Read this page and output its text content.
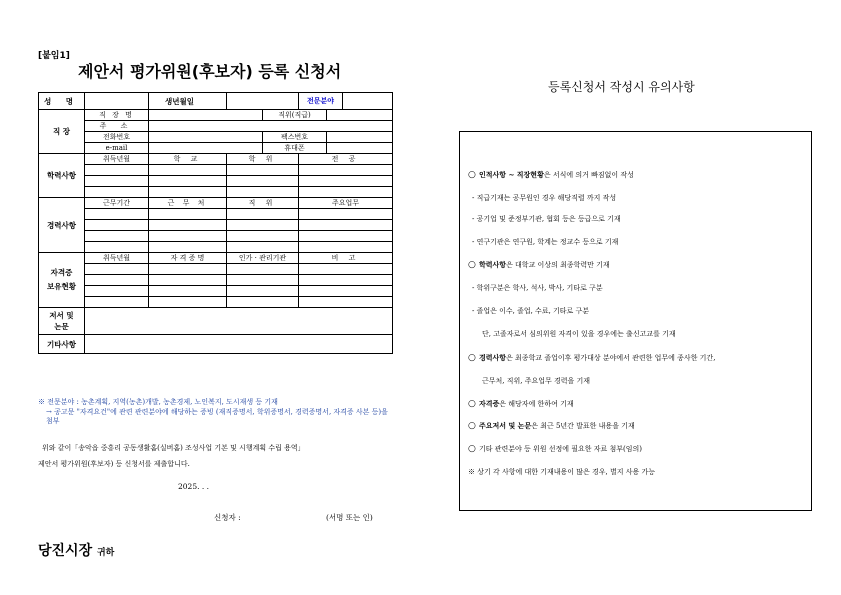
[붙임1]
제안서 평가위원(후보자) 등록 신청서
등록신청서 작성시 유의사항
성 명		생년월일			전문분야		
직 장	직 장 명			직위(직급)			
	주 소						
	전화번호			팩스번호			
	e-mail			휴대폰			
학력사항	취득년월	학 교	학 위		전 공		

경력사항	근무기간	근 무 처	직 위		주요업무		

자격증
보유현황	취득년월	자 격 증 명	인가 · 관리기관		비 고		

저서 및
논문							
기타사항							
※ 전문분야 : 농촌계획, 지역(농촌)개발, 농촌경제, 노인복지, 도시재생 등 기재
→ 공고문 "자격요건"에 관련 관련분야에 해당하는 증빙 (재직증명서, 학위증명서, 경력증명서, 자격증 사본 등)을 첨부
위와 같이「송악읍 중흥리 공동생활홈(실버홈) 조성사업 기본 및 시행계획 수립 용역」
제안서 평가위원(후보자) 등 신청서를 제출합니다.
2025. . .
신청자 :	(서명 또는 인)
당진시장 귀하
○ 인적사항 ~ 직장현황은 서식에 의거 빠짐없이 작성
- 직급기재는 공무원인 경우 해당직렬 까지 작성
- 공기업 및 준정부기관, 협회 등은 등급으로 기재
- 연구기관은 연구원, 학계는 정교수 등으로 기재
○ 학력사항은 대학교 이상의 최종학력만 기재
- 학위구분은 학사, 석사, 박사, 기타로 구분
- 졸업은 이수, 졸업, 수료, 기타로 구분
단, 고졸자로서 심의위원 자격이 있을 경우에는 출신고교를 기재
○ 경력사항은 최종학교 졸업이후 평가대상 분야에서 관련한 업무에 종사한 기간,
근무처, 직위, 주요업무 경력을 기재
○ 자격증은 해당자에 한하여 기재
○ 주요저서 및 논문은 최근 5년간 발표한 내용을 기재
○ 기타 관련분야 등 위원 선정에 필요한 자료 첨부(임의)
※ 상기 각 사항에 대한 기재내용이 많은 경우, 별지 사용 가능
